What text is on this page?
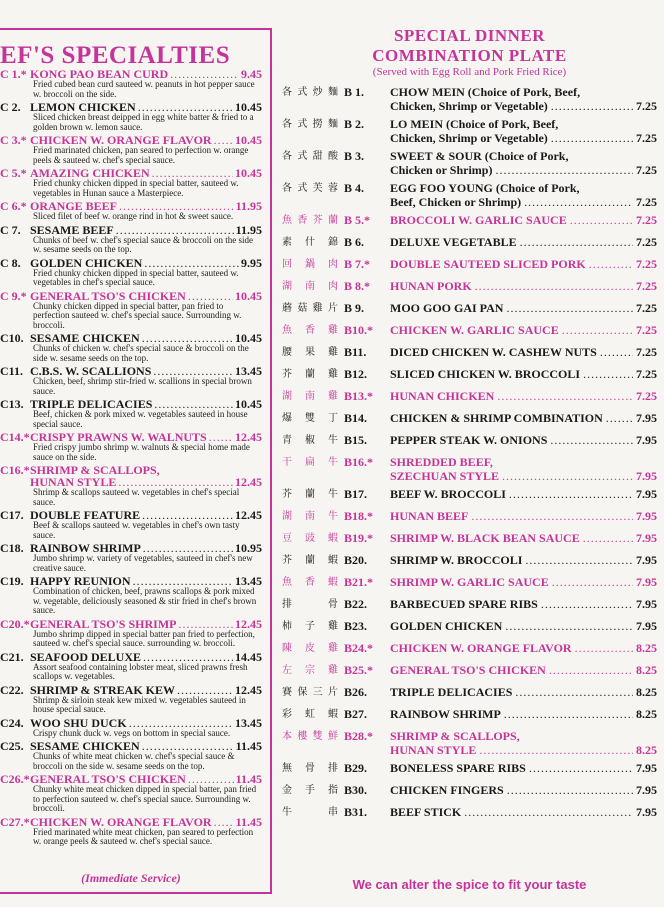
EF'S SPECIALTIES
C 1.* KONG PAO BEAN CURD .....	9.45
Fried cubed bean curd sauteed w. peanuts in hot pepper sauce w. broccoli on the side.
C 2. LEMON CHICKEN .....	10.45
Sliced chicken breast deipped in egg white batter & fried to a golden brown w. lemon sauce.
C 3.* CHICKEN W. ORANGE FLAVOR ..... 10.45
Fried marinated chicken, pan seared to perfection w. orange peels & sauteed w. chef's special sauce.
C 5.* AMAZING CHICKEN .....	10.45
Fried chunky chicken dipped in special batter, sauteed w. vegetables in Hunan sauce a Masterpiece.
C 6.* ORANGE BEEF .....	11.95
Sliced filet of beef w. orange rind in hot & sweet sauce.
C 7. SESAME BEEF .....	11.95
Chunks of beef w. chef's special sauce & broccoli on the side w. sesame seeds on the top.
C 8. GOLDEN CHICKEN .....	9.95
Fried chunky chicken dipped in special batter, sauteed w. vegetables in chef's special sauce.
C 9.* GENERAL TSO'S CHICKEN .....	10.45
Chunky chicken dipped in special batter, pan fried to perfection sauteed w. chef's special sauce. Surrounding w. broccoli.
C10. SESAME CHICKEN .....	10.45
Chunks of chicken w. chef's special sauce & broccoli on the side w. sesame seeds on the top.
C11. C.B.S. W. SCALLIONS .....	13.45
Chicken, beef, shrimp stir-fried w. scallions in special brown sauce.
C13. TRIPLE DELICACIES .....	10.45
Beef, chicken & pork mixed w. vegetables sauteed in house special sauce.
C14.* CRISPY PRAWNS W. WALNUTS ..... 12.45
Fried crispy jumbo shrimp w. walnuts & special home made sauce on the side.
C16.* SHRIMP & SCALLOPS,
HUNAN STYLE .....	12.45
Shrimp & scallops sauteed w. vegetables in chef's special sauce.
C17. DOUBLE FEATURE .....	12.45
Beef & scallops sauteed w. vegetables in chef's own tasty sauce.
C18. RAINBOW SHRIMP .....	10.95
Jumbo shrimp w. variety of vegetables, sauteed in chef's new creative sauce.
C19. HAPPY REUNION .....	13.45
Combination of chicken, beef, prawns scallops & pork mixed w. vegetable, deliciously seasoned & stir fried in chef's brown sauce.
C20.* GENERAL TSO'S SHRIMP .....	12.45
Jumbo shrimp dipped in special batter pan fried to perfection, sauteed w. chef's special sauce. surrounding w. broccoli.
C21. SEAFOOD DELUXE .....	14.45
Assort seafood containing lobster meat, sliced prawns fresh scallops w. vegetables.
C22. SHRIMP & STREAK KEW .....	12.45
Shrimp & sirloin steak kew mixed w. vegetables sauteed in house special sauce.
C24. WOO SHU DUCK .....	13.45
Crispy chunk duck w. vegs on bottom in special sauce.
C25. SESAME CHICKEN .....	11.45
Chunks of white meat chicken w. chef's special sauce & broccoli on the side w. sesame seeds on the top.
C26.* GENERAL TSO'S CHICKEN .....	11.45
Chunky white meat chicken dipped in special batter, pan fried to perfection sauteed w. chef's special sauce. Surrounding w. broccoli.
C27.* CHICKEN W. ORANGE FLAVOR ..... 11.45
Fried marinated white meat chicken, pan seared to perfection w. orange peels & sauteed w. chef's special sauce.
(Immediate Service)
SPECIAL DINNER
COMBINATION PLATE
(Served with Egg Roll and Pork Fried Rice)
各式炒麵 B 1.	CHOW MEIN (Choice of Pork, Beef,
Chicken, Shrimp or Vegetable) .....	7.25
各式撈麵 B 2.	LO MEIN (Choice of Pork, Beef,
Chicken, Shrimp or Vegetable) .....	7.25
各式甜酸 B 3.	SWEET & SOUR (Choice of Pork,
Chicken or Shrimp) .....	7.25
各式芙蓉 B 4.	EGG FOO YOUNG (Choice of Pork,
Beef, Chicken or Shrimp) .....	7.25
魚香芥蘭 B 5.*	BROCCOLI W. GARLIC SAUCE .....	7.25
素什錦 B 6.	DELUXE VEGETABLE .....	7.25
回鍋肉 B 7.*	DOUBLE SAUTEED SLICED PORK .....	7.25
湖南肉 B 8.*	HUNAN PORK .....	7.25
蘑菇雞片 B 9.	MOO GOO GAI PAN .....	7.25
魚香雞 B10.*	CHICKEN W. GARLIC SAUCE .....	7.25
腰果雞 B11.	DICED CHICKEN W. CASHEW NUTS .....	7.25
芥蘭雞 B12.	SLICED CHICKEN W. BROCCOLI .....	7.25
湖南雞 B13.*	HUNAN CHICKEN .....	7.25
爆雙丁 B14.	CHICKEN & SHRIMP COMBINATION .....	7.95
青椒牛 B15.	PEPPER STEAK W. ONIONS .....	7.95
干扁牛 B16.*	SHREDDED BEEF,
SZECHUAN STYLE .....	7.95
芥蘭牛 B17.	BEEF W. BROCCOLI .....	7.95
湖南牛 B18.*	HUNAN BEEF .....	7.95
豆豉蝦 B19.*	SHRIMP W. BLACK BEAN SAUCE .....	7.95
芥蘭蝦 B20.	SHRIMP W. BROCCOLI .....	7.95
魚香蝦 B21.*	SHRIMP W. GARLIC SAUCE .....	7.95
排骨 B22.	BARBECUED SPARE RIBS .....	7.95
柿子雞 B23.	GOLDEN CHICKEN .....	7.95
陳皮雞 B24.*	CHICKEN W. ORANGE FLAVOR .....	8.25
左宗雞 B25.*	GENERAL TSO'S CHICKEN .....	8.25
賽保三片 B26.	TRIPLE DELICACIES .....	8.25
彩虹蝦 B27.	RAINBOW SHRIMP .....	8.25
本樓雙鮮 B28.*	SHRIMP & SCALLOPS,
HUNAN STYLE .....	8.25
無骨排 B29.	BONELESS SPARE RIBS .....	7.95
金手指 B30.	CHICKEN FINGERS .....	7.95
牛串 B31.	BEEF STICK .....	7.95
We can alter the spice to fit your taste
